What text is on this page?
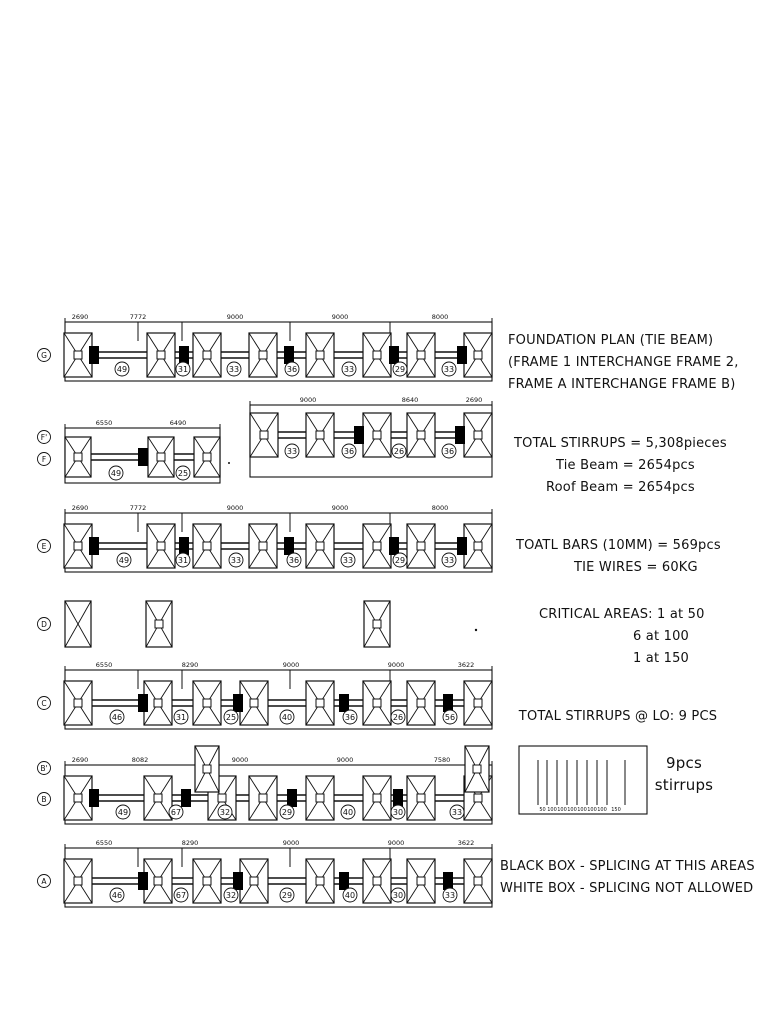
2690	7772	9000	9000	8000
49	31	33	36	33	29	33
G
2690	7772	9000	9000	8000
49	31	33	36	33	29	33
E
9000	8640	2690
33	36	26	36
6550	6490
49	25
F'
F
D
6550	8290	9000	9000	3622
46	31	25	40	36	26	56
C
2690	8082	9000	9000	7580
49	67	32	29	40	30	33
B'
B
6550	8290	9000	9000	3622
46	67	32	29	40	30	33
A
50 100 100 100 100 100 100 150
FOUNDATION PLAN (TIE BEAM)
(FRAME 1 INTERCHANGE FRAME 2,
FRAME A INTERCHANGE FRAME B)
TOTAL STIRRUPS = 5,308pieces
Tie Beam = 2654pcs
Roof Beam = 2654pcs
TOATL BARS (10MM) = 569pcs
TIE WIRES = 60KG
CRITICAL AREAS: 1 at 50
6 at 100
1 at 150
TOTAL STIRRUPS @ LO: 9 PCS
9pcs
stirrups
BLACK BOX - SPLICING AT THIS AREAS
WHITE BOX - SPLICING NOT ALLOWED
